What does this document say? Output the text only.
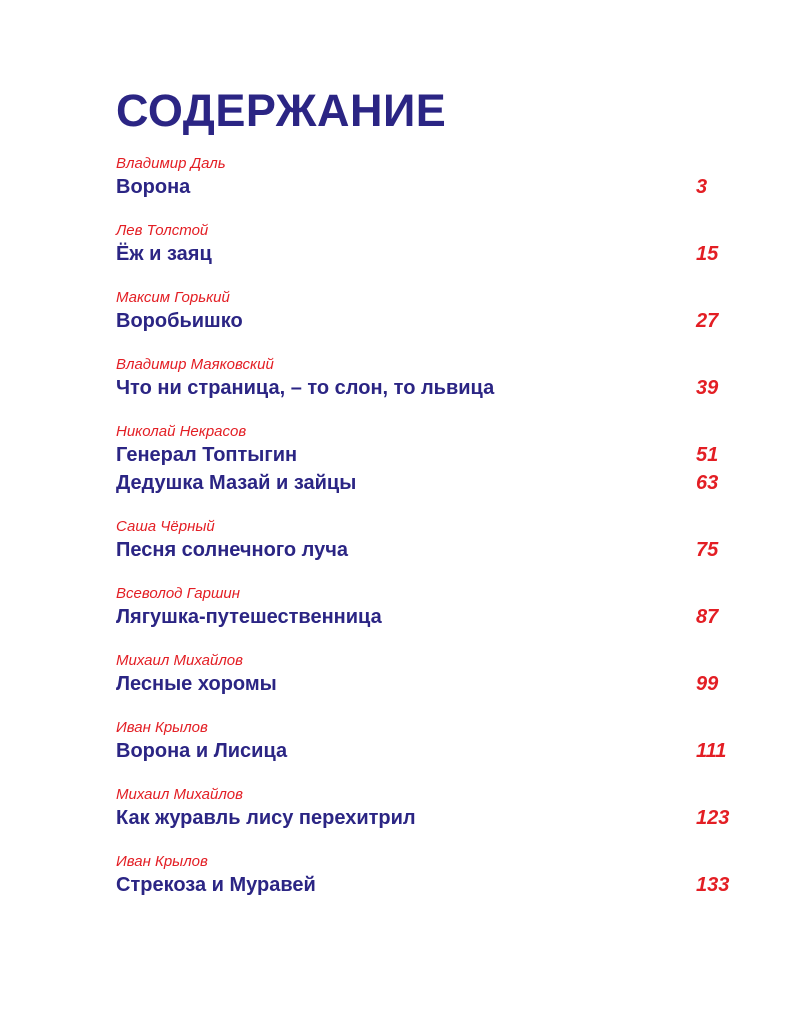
СОДЕРЖАНИЕ
Владимир Даль
Ворона	3
Лев Толстой
Ёж и заяц	15
Максим Горький
Воробьишко	27
Владимир Маяковский
Что ни страница, – то слон, то львица	39
Николай Некрасов
Генерал Топтыгин	51
Дедушка Мазай и зайцы	63
Саша Чёрный
Песня солнечного луча	75
Всеволод Гаршин
Лягушка-путешественница	87
Михаил Михайлов
Лесные хоромы	99
Иван Крылов
Ворона и Лисица	111
Михаил Михайлов
Как журавль лису перехитрил	123
Иван Крылов
Стрекоза и Муравей	133
